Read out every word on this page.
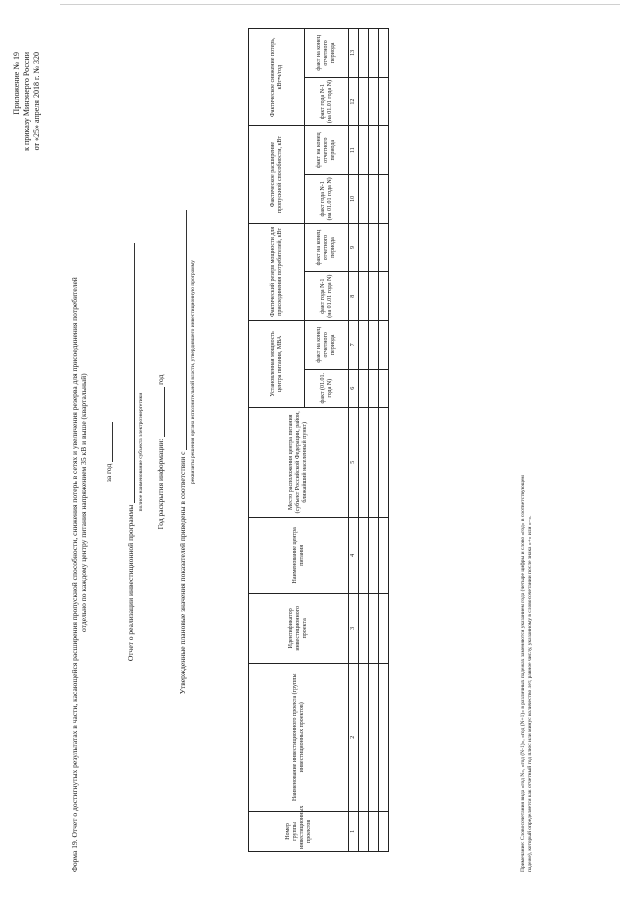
Приложение № 19 к приказу Минэнерго России от «25» апреля 2018 г. № 320
Форма 19. Отчет о достигнутых результатах в части, касающейся расширения пропускной способности, снижения потерь в сетях и увеличения резерва для присоединения потребителей отдельно по каждому центру питания напряжением 35 кВ и выше (квартальный) за год
Отчет о реализации инвестиционной программы
полное наименование субъекта электроэнергетики Год раскрытия информации:  год
Утвержденные плановые значения показателей приведены в соответствии с
реквизиты решения органа исполнительной власти, утвердившего инвестиционную программу
Номер группы инвестиционных проектов	Наименование инвестиционного проекта (группы инвестиционных проектов)	Идентификатор инвестиционного проекта	Наименование центра питания	Место расположения центра питания (субъект Российской Федерации, район, ближайший населенный пункт)	Установленная мощность центра питания, МВА		Фактический резерв мощности для присоединения потребителей, кВт		Фактическое расширение пропускной способности, кВт		Фактическое снижение потерь, кВт•ч/год	
					факт (01.01. года N)	факт на конец отчетного периода	факт года N-1 (на 01.01 года N)	факт на конец отчетного периода	факт года N-1 (на 01.01 года N)	факт на конец отчетного периода	факт года N-1 (на 01.01 года N)	факт на конец отчетного периода
1	2	3	4	5	6	7	8	9	10	11	12	13

Примечание: Словосочетания вида «год N», «год (N-1)», «год (N+1)» в различных падежах заменяются указанием года (четыре цифры и слово «год» в соответствующем падеже), который определяется как отчетный год плюс или минус количество лет, равное числу, указанному в словосочетании после знака «+» или «–».
